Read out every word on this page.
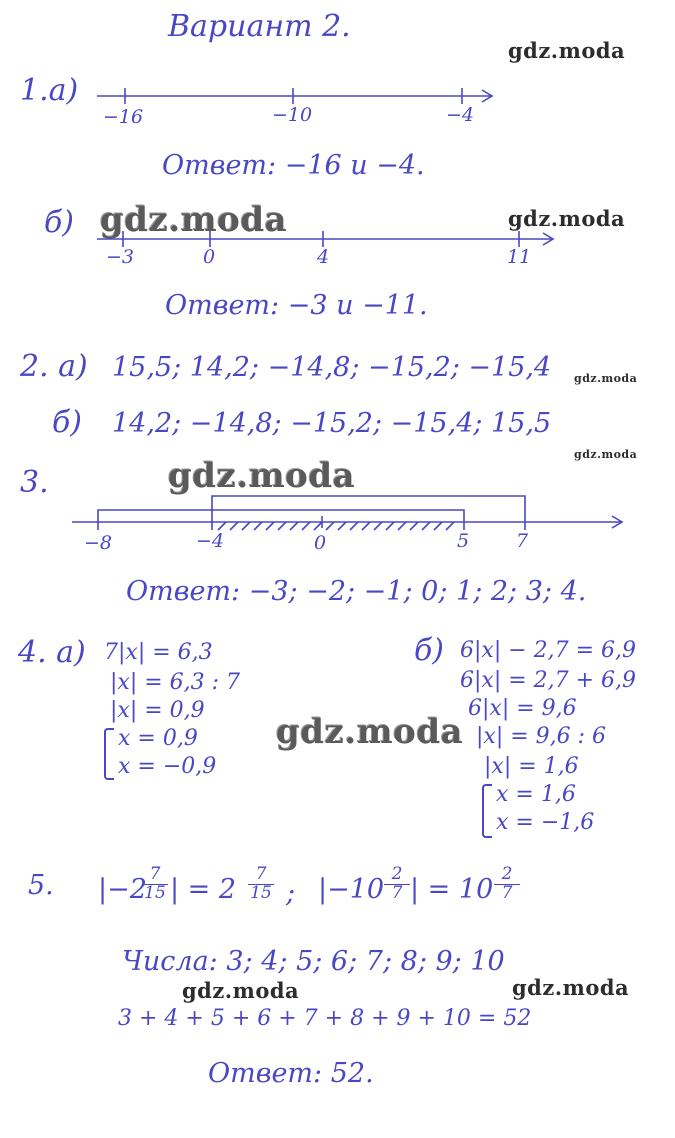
Вариант 2.
gdz.moda
gdz.moda	gdz.moda
gdz.moda
gdz.moda
gdz.moda
gdz.moda
gdz.moda	gdz.moda
1.а)
−16	−10	−4
Ответ: −16 и −4.
б)
−3	0	4	11
Ответ: −3 и −11.
2. а) 15,5; 14,2; −14,8; −15,2; −15,4
б) 14,2; −14,8; −15,2; −15,4; 15,5
3.
−8	−4	0	5 7
Ответ: −3; −2; −1; 0; 1; 2; 3; 4.
4. а) 7|x| = 6,3
|x| = 6,3 : 7
|x| = 0,9
x = 0,9
x = −0,9
б) 6|x| − 2,7 = 6,9
6|x| = 2,7 + 6,9
6|x| = 9,6
|x| = 9,6 : 6
|x| = 1,6
x = 1,6
x = −1,6
5. |−2
$\frac{7}{15}$ | = $2 \frac{7}{15}$ ; $|-10 \frac{2}{7}$ | = $10 \frac{2}{7}$
Числа: 3; 4; 5; 6; 7; 8; 9; 10
3 + 4 + 5 + 6 + 7 + 8 + 9 + 10 = 52
Ответ: 52.
